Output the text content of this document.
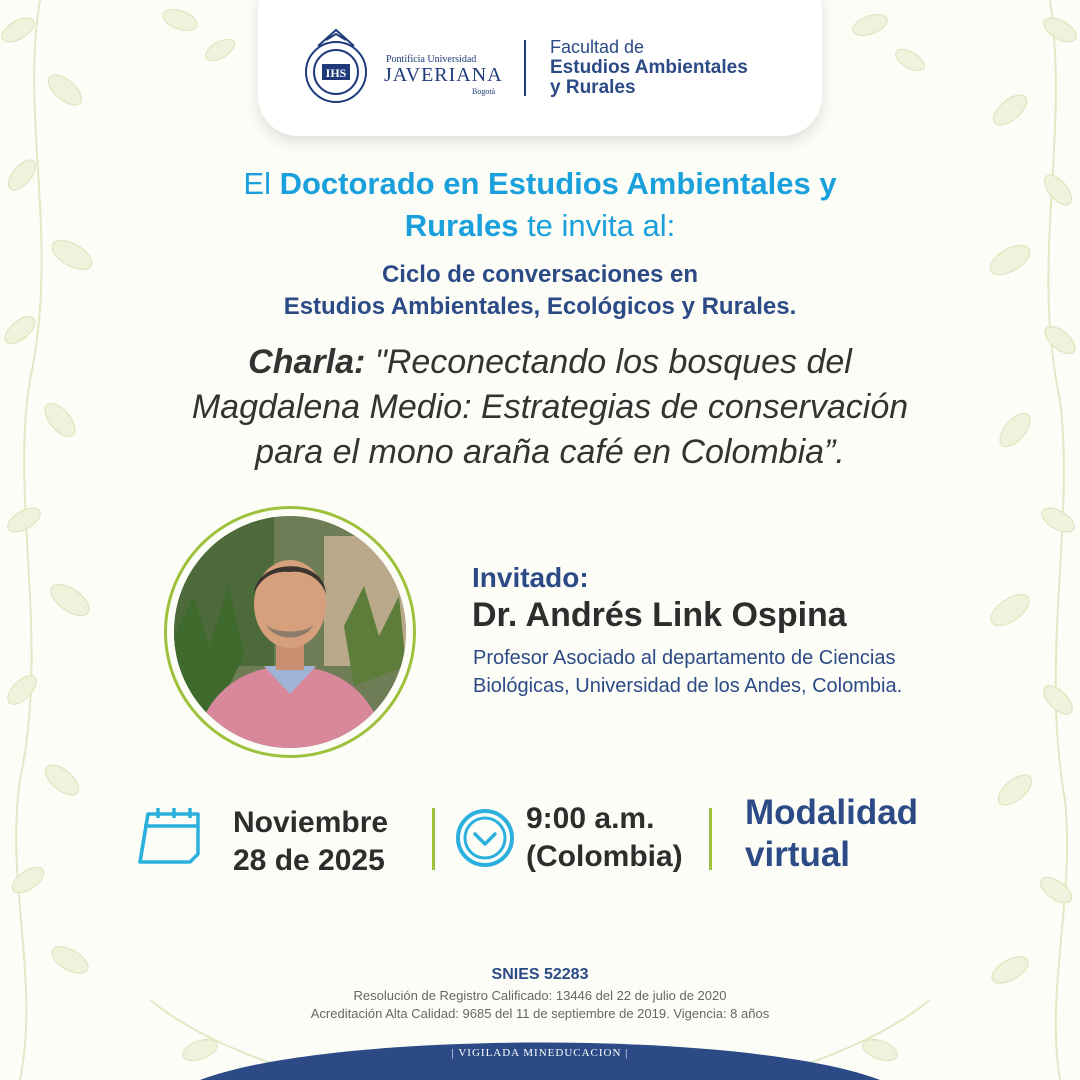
IHS
Pontificia Universidad
JAVERIANA
Bogotá
Facultad de
Estudios Ambientales
y Rurales
El Doctorado en Estudios Ambientales y
Rurales te invita al:
Ciclo de conversaciones en
Estudios Ambientales, Ecológicos y Rurales.
Charla: "Reconectando los bosques del
Magdalena Medio: Estrategias de conservación
para el mono araña café en Colombia”.
Invitado:
Dr. Andrés Link Ospina
Profesor Asociado al departamento de Ciencias
Biológicas, Universidad de los Andes, Colombia.
Noviembre
28 de 2025
9:00 a.m.
(Colombia)
Modalidad
virtual
SNIES 52283
Resolución de Registro Calificado: 13446 del 22 de julio de 2020
Acreditación Alta Calidad: 9685 del 11 de septiembre de 2019. Vigencia: 8 años
| VIGILADA MINEDUCACION |
